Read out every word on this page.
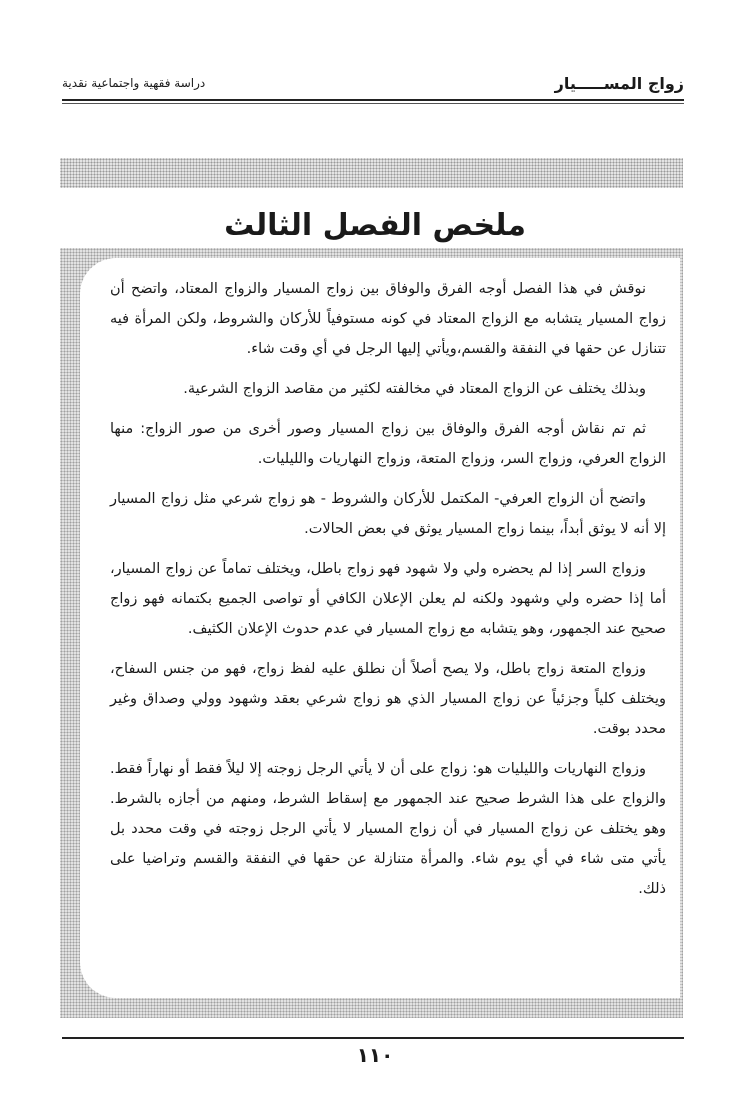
زواج المســـــيار
دراسة فقهية واجتماعية نقدية
ملخص الفصل الثالث

نوقش في هذا الفصل أوجه الفرق والوفاق بين زواج المسيار والزواج المعتاد، واتضح أن زواج المسيار يتشابه مع الزواج المعتاد في كونه مستوفياً للأركان والشروط، ولكن المرأة فيه تتنازل عن حقها في النفقة والقسم،ويأتي إليها الرجل في أي وقت شاء.

وبذلك يختلف عن الزواج المعتاد في مخالفته لكثير من مقاصد الزواج الشرعية.

ثم تم نقاش أوجه الفرق والوفاق بين زواج المسيار وصور أخرى من صور الزواج: منها الزواج العرفي، وزواج السر، وزواج المتعة، وزواج النهاريات والليليات.

واتضح أن الزواج العرفي- المكتمل للأركان والشروط - هو زواج شرعي مثل زواج المسيار إلا أنه لا يوثق أبداً، بينما زواج المسيار يوثق في بعض الحالات.

وزواج السر إذا لم يحضره ولي ولا شهود فهو زواج باطل، ويختلف تماماً عن زواج المسيار، أما إذا حضره ولي وشهود ولكنه لم يعلن الإعلان الكافي أو تواصى الجميع بكتمانه فهو زواج صحيح عند الجمهور، وهو يتشابه مع زواج المسيار في عدم حدوث الإعلان الكثيف.

وزواج المتعة زواج باطل، ولا يصح أصلاً أن نطلق عليه لفظ زواج، فهو من جنس السفاح، ويختلف كلياً وجزئياً عن زواج المسيار الذي هو زواج شرعي بعقد وشهود وولي وصداق وغير محدد بوقت.

وزواج النهاريات والليليات هو: زواج على أن لا يأتي الرجل زوجته إلا ليلاً فقط أو نهاراً فقط. والزواج على هذا الشرط صحيح عند الجمهور مع إسقاط الشرط، ومنهم من أجازه بالشرط. وهو يختلف عن زواج المسيار في أن زواج المسيار لا يأتي الرجل زوجته في وقت محدد بل يأتي متى شاء في أي يوم شاء. والمرأة متنازلة عن حقها في النفقة والقسم وتراضيا على ذلك.

١١٠
